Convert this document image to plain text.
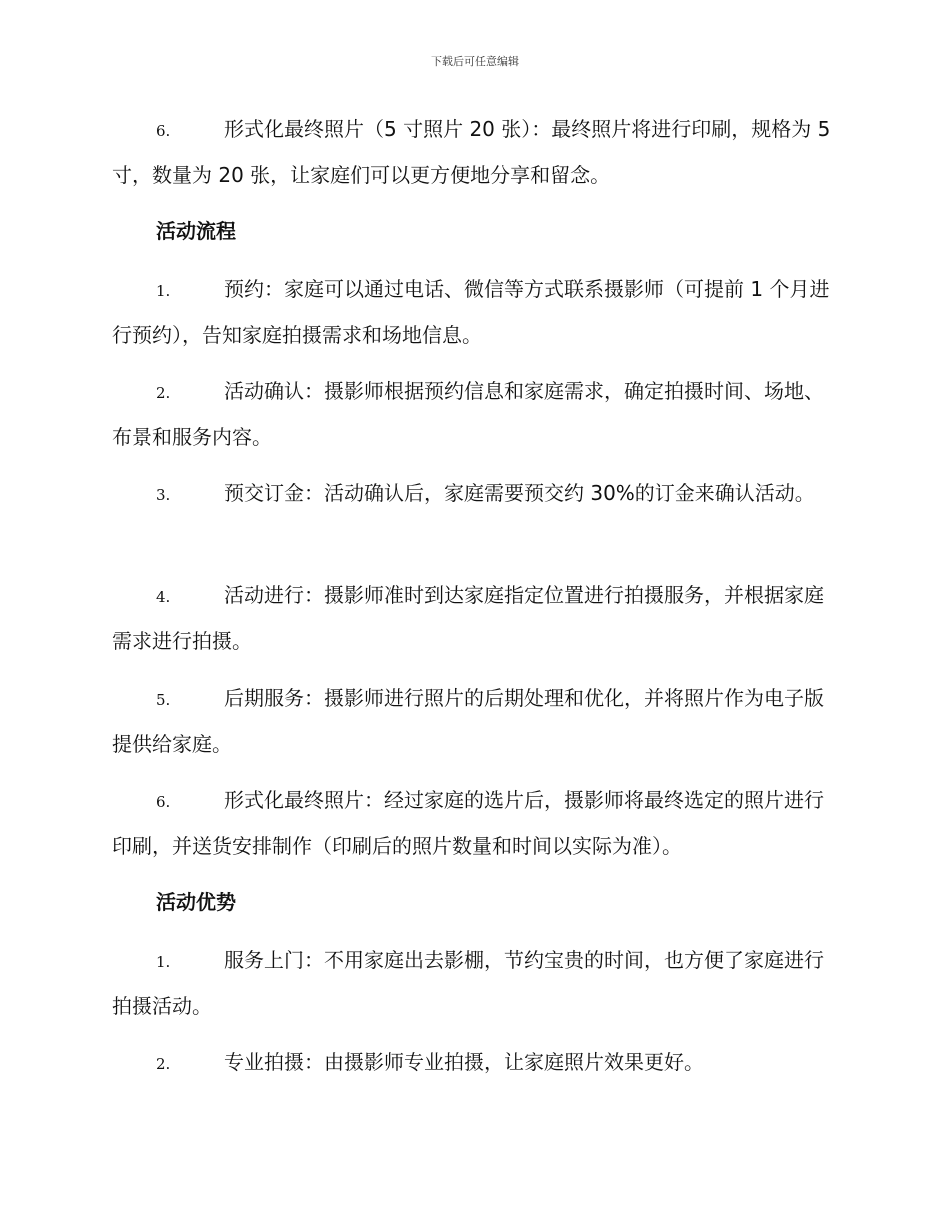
下载后可任意编辑
6.	形式化最终照片（5 寸照片 20 张）：最终照片将进行印刷，规格为 5 寸，数量为 20 张，让家庭们可以更方便地分享和留念。
活动流程
1.	预约：家庭可以通过电话、微信等方式联系摄影师（可提前 1 个月进行预约），告知家庭拍摄需求和场地信息。
2.	活动确认：摄影师根据预约信息和家庭需求，确定拍摄时间、场地、布景和服务内容。
3.	预交订金：活动确认后，家庭需要预交约 30%的订金来确认活动。
4.	活动进行：摄影师准时到达家庭指定位置进行拍摄服务，并根据家庭需求进行拍摄。
5.	后期服务：摄影师进行照片的后期处理和优化，并将照片作为电子版提供给家庭。
6.	形式化最终照片：经过家庭的选片后，摄影师将最终选定的照片进行印刷，并送货安排制作（印刷后的照片数量和时间以实际为准）。
活动优势
1.	服务上门：不用家庭出去影棚，节约宝贵的时间，也方便了家庭进行拍摄活动。
2.	专业拍摄：由摄影师专业拍摄，让家庭照片效果更好。
